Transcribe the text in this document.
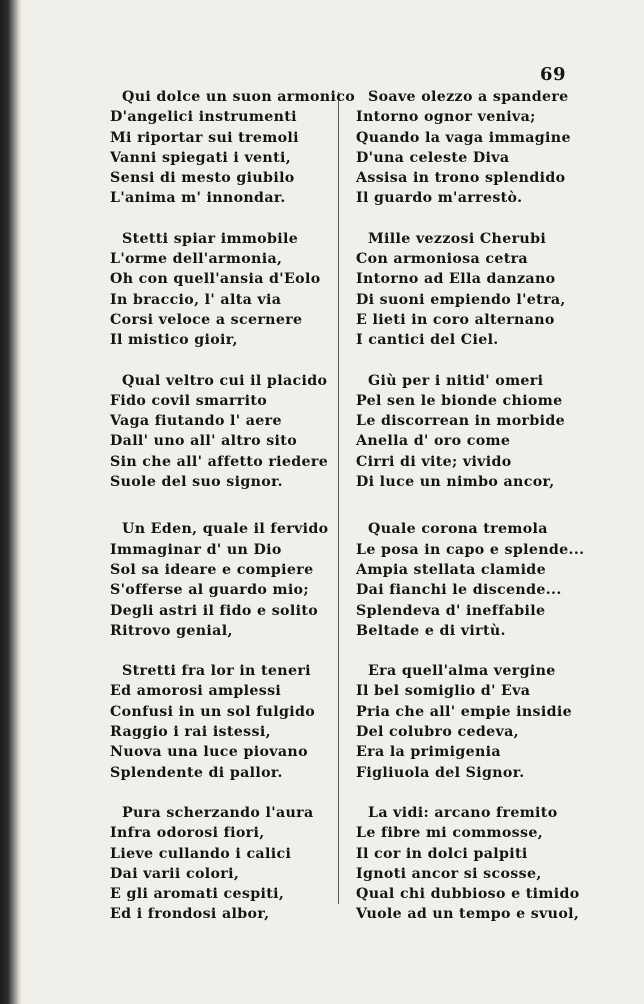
69
Qui dolce un suon armonico
D'angelici instrumenti
Mi riportar sui tremoli
Vanni spiegati i venti,
Sensi di mesto giubilo
L'anima m' innondar.
Stetti spiar immobile
L'orme dell'armonia,
Oh con quell'ansia d'Eolo
In braccio, l' alta via
Corsi veloce a scernere
Il mistico gioir,
Qual veltro cui il placido
Fido covil smarrito
Vaga fiutando l' aere
Dall' uno all' altro sito
Sin che all' affetto riedere
Suole del suo signor.
Un Eden, quale il fervido
Immaginar d' un Dio
Sol sa ideare e compiere
S'offerse al guardo mio;
Degli astri il fido e solito
Ritrovo genial,
Stretti fra lor in teneri
Ed amorosi amplessi
Confusi in un sol fulgido
Raggio i rai istessi,
Nuova una luce piovano
Splendente di pallor.
Pura scherzando l'aura
Infra odorosi fiori,
Lieve cullando i calici
Dai varii colori,
E gli aromati cespiti,
Ed i frondosi albor,
Soave olezzo a spandere
Intorno ognor veniva;
Quando la vaga immagine
D'una celeste Diva
Assisa in trono splendido
Il guardo m'arrestò.
Mille vezzosi Cherubi
Con armoniosa cetra
Intorno ad Ella danzano
Di suoni empiendo l'etra,
E lieti in coro alternano
I cantici del Ciel.
Giù per i nitid' omeri
Pel sen le bionde chiome
Le discorrean in morbide
Anella d' oro come
Cirri di vite; vivido
Di luce un nimbo ancor,
Quale corona tremola
Le posa in capo e splende...
Ampia stellata clamide
Dai fianchi le discende...
Splendeva d' ineffabile
Beltade e di virtù.
Era quell'alma vergine
Il bel somiglio d' Eva
Pria che all' empie insidie
Del colubro cedeva,
Era la primigenia
Figliuola del Signor.
La vidi: arcano fremito
Le fibre mi commosse,
Il cor in dolci palpiti
Ignoti ancor si scosse,
Qual chi dubbioso e timido
Vuole ad un tempo e svuol,
